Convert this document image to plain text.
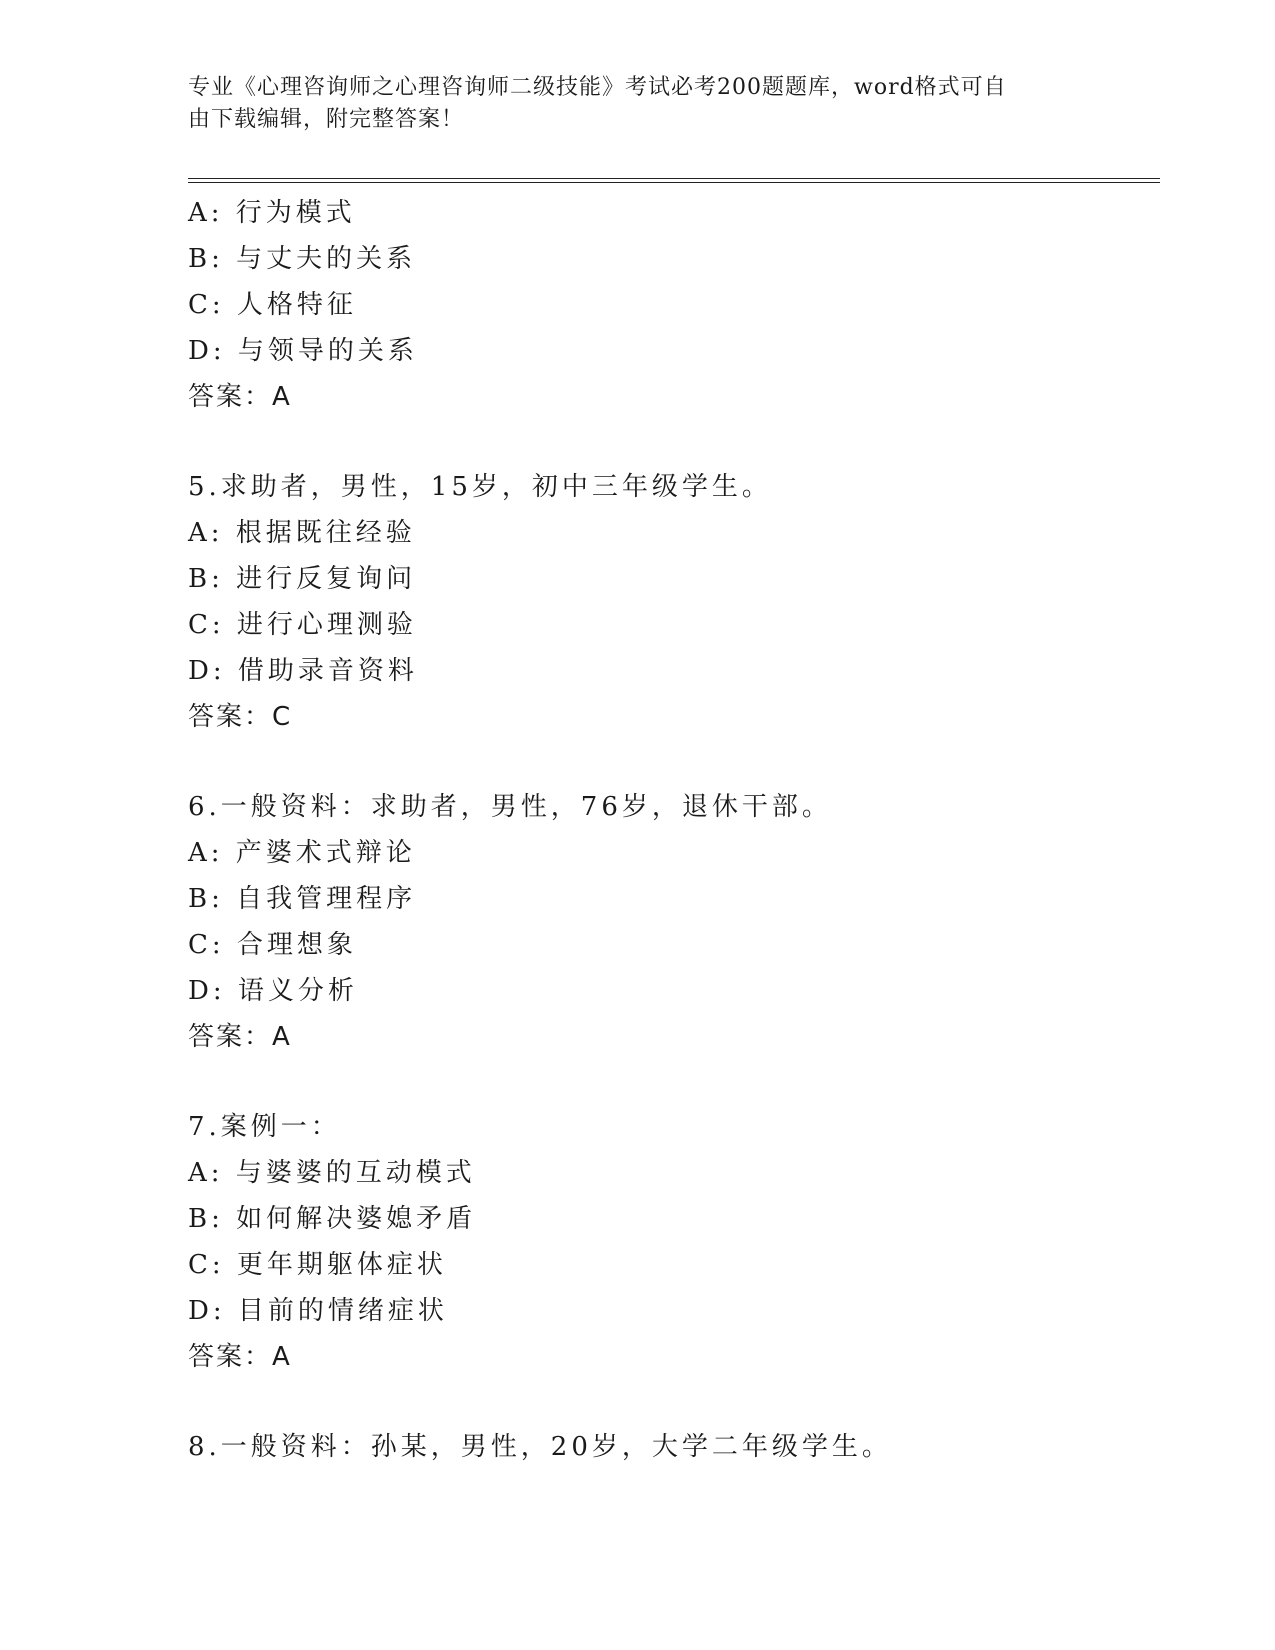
专业《心理咨询师之心理咨询师二级技能》考试必考200题题库，word格式可自
由下载编辑，附完整答案！
A: 行为模式
B: 与丈夫的关系
C: 人格特征
D: 与领导的关系
答案：A
5.求助者，男性，15岁，初中三年级学生。
A: 根据既往经验
B: 进行反复询问
C: 进行心理测验
D: 借助录音资料
答案：C
6.一般资料：求助者，男性，76岁，退休干部。
A: 产婆术式辩论
B: 自我管理程序
C: 合理想象
D: 语义分析
答案：A
7.案例一：
A: 与婆婆的互动模式
B: 如何解决婆媳矛盾
C: 更年期躯体症状
D: 目前的情绪症状
答案：A
8.一般资料：孙某，男性，20岁，大学二年级学生。
